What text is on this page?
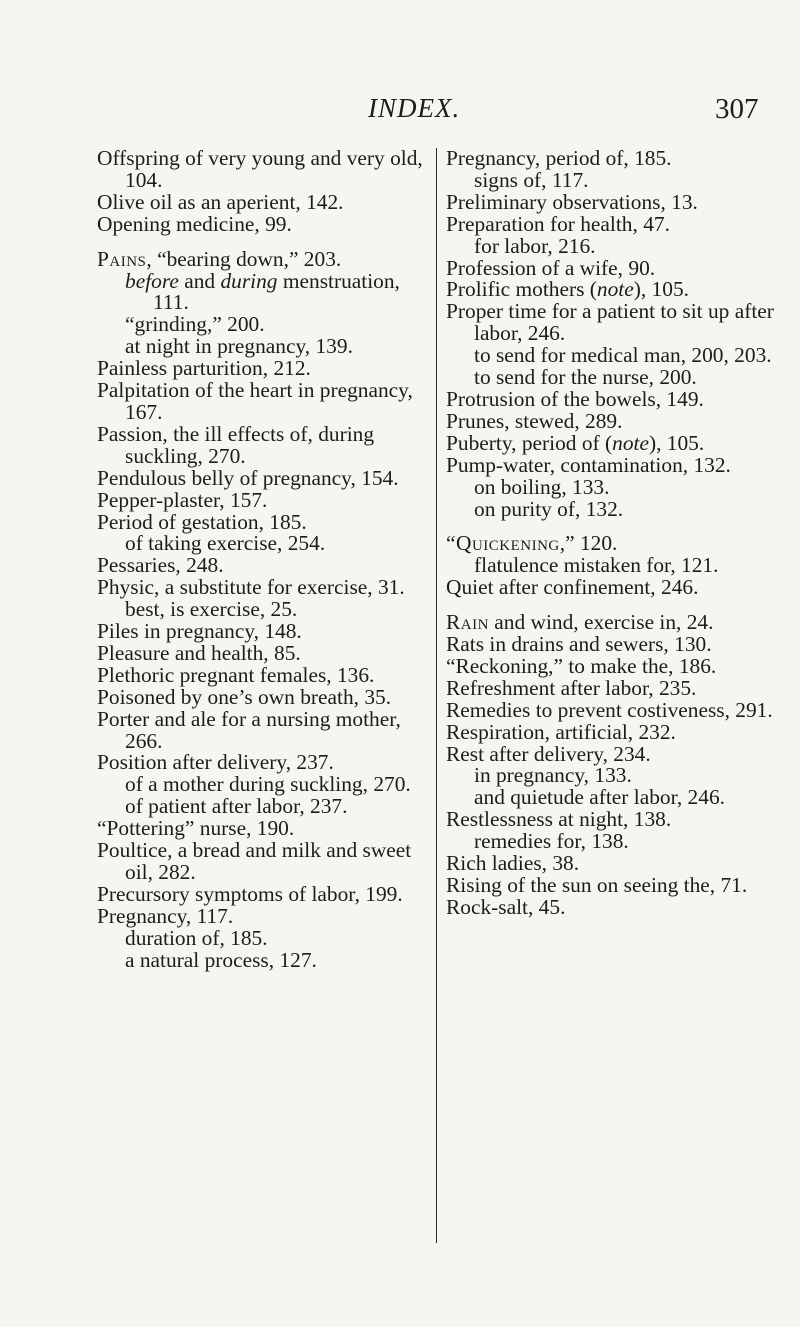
INDEX.	307
Offspring of very young and very old, 104.
Olive oil as an aperient, 142.
Opening medicine, 99.
Pains, “bearing down,” 203.
before and during menstruation, 111.
“grinding,” 200.
at night in pregnancy, 139.
Painless parturition, 212.
Palpitation of the heart in pregnancy, 167.
Passion, the ill effects of, during suckling, 270.
Pendulous belly of pregnancy, 154.
Pepper-plaster, 157.
Period of gestation, 185.
of taking exercise, 254.
Pessaries, 248.
Physic, a substitute for exercise, 31.
best, is exercise, 25.
Piles in pregnancy, 148.
Pleasure and health, 85.
Plethoric pregnant females, 136.
Poisoned by one’s own breath, 35.
Porter and ale for a nursing mother, 266.
Position after delivery, 237.
of a mother during suckling, 270.
of patient after labor, 237.
“Pottering” nurse, 190.
Poultice, a bread and milk and sweet oil, 282.
Precursory symptoms of labor, 199.
Pregnancy, 117.
duration of, 185.
a natural process, 127.
Pregnancy, period of, 185.
signs of, 117.
Preliminary observations, 13.
Preparation for health, 47.
for labor, 216.
Profession of a wife, 90.
Prolific mothers (note), 105.
Proper time for a patient to sit up after labor, 246.
to send for medical man, 200, 203.
to send for the nurse, 200.
Protrusion of the bowels, 149.
Prunes, stewed, 289.
Puberty, period of (note), 105.
Pump-water, contamination, 132.
on boiling, 133.
on purity of, 132.
“Quickening,” 120.
flatulence mistaken for, 121.
Quiet after confinement, 246.
Rain and wind, exercise in, 24.
Rats in drains and sewers, 130.
“Reckoning,” to make the, 186.
Refreshment after labor, 235.
Remedies to prevent costiveness, 291.
Respiration, artificial, 232.
Rest after delivery, 234.
in pregnancy, 133.
and quietude after labor, 246.
Restlessness at night, 138.
remedies for, 138.
Rich ladies, 38.
Rising of the sun on seeing the, 71.
Rock-salt, 45.
